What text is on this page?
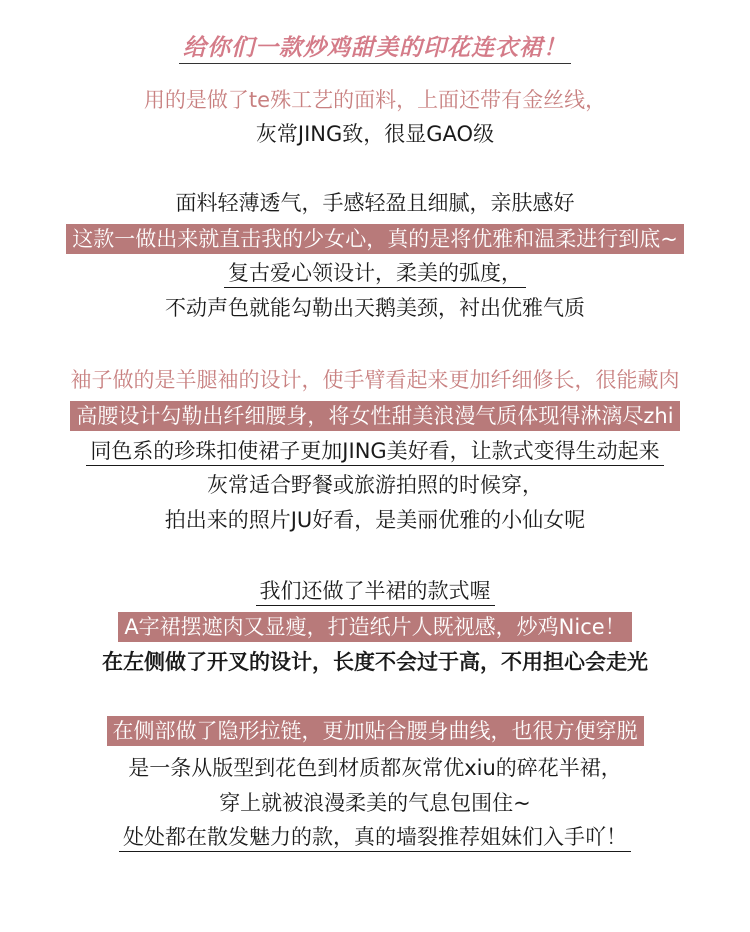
给你们一款炒鸡甜美的印花连衣裙！
用的是做了te殊工艺的面料，上面还带有金丝线，
灰常JING致，很显GAO级
面料轻薄透气，手感轻盈且细腻，亲肤感好
这款一做出来就直击我的少女心，真的是将优雅和温柔进行到底~
复古爱心领设计，柔美的弧度，
不动声色就能勾勒出天鹅美颈，衬出优雅气质
袖子做的是羊腿袖的设计，使手臂看起来更加纤细修长，很能藏肉
高腰设计勾勒出纤细腰身，将女性甜美浪漫气质体现得淋漓尽zhi
同色系的珍珠扣使裙子更加JING美好看，让款式变得生动起来
灰常适合野餐或旅游拍照的时候穿，
拍出来的照片JU好看，是美丽优雅的小仙女呢
我们还做了半裙的款式喔
A字裙摆遮肉又显瘦，打造纸片人既视感，炒鸡Nice！
在左侧做了开叉的设计，长度不会过于高，不用担心会走光
在侧部做了隐形拉链，更加贴合腰身曲线，也很方便穿脱
是一条从版型到花色到材质都灰常优xiu的碎花半裙，
穿上就被浪漫柔美的气息包围住~
处处都在散发魅力的款，真的墙裂推荐姐妹们入手吖！
